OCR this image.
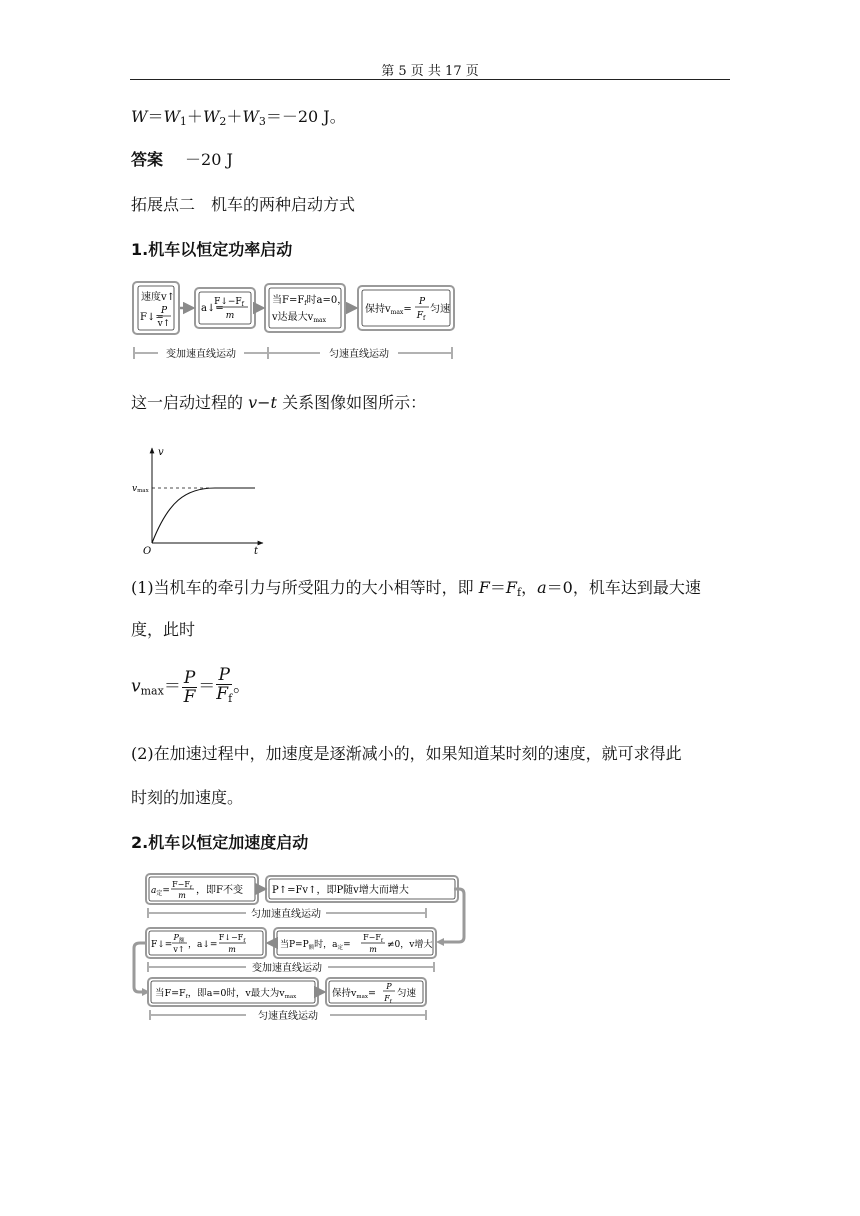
第 5 页 共 17 页
$W=W_1+W_2+W_3=-20$ J。
答案 －20 J
拓展点二　机车的两种启动方式
1.机车以恒定功率启动
速度v↑
F↓=
P
v↑
a↓=
$F↓-F_f$
m
当$F=F_f$时a=0，
v达最大$v_{max}$
保持$v_{max}=$
P
$F_f$
匀速
变加速直线运动	匀速直线运动
这一启动过程的 v−t 关系图像如图所示：
v
t
O
vmax
(1)当机车的牵引力与所受阻力的大小相等时，即 $F=F_f$，a＝0，机车达到最大速
度，此时
$v_{max}= \frac{P}{F} = \frac{P}{F_f}$ 。
(2)在加速过程中，加速度是逐渐减小的，如果知道某时刻的速度，就可求得此
时刻的加速度。
2.机车以恒定加速度启动
$a_定=$
$F-F_f$
m ，即F不变	P↑=Fv↑，即P随v增大而增大
匀加速直线运动
F↓=
$P_额$
v↑ ，a↓=
$F↓-F_f$
m	当$P=P_额$时，$a_定=$
$F-F_f$
m ≠0，v增大
变加速直线运动
当$F=F_f$，即a=0时，v最大为$v_{max}$	保持$v_{max}=$
P
$F_f$
匀速
匀速直线运动
